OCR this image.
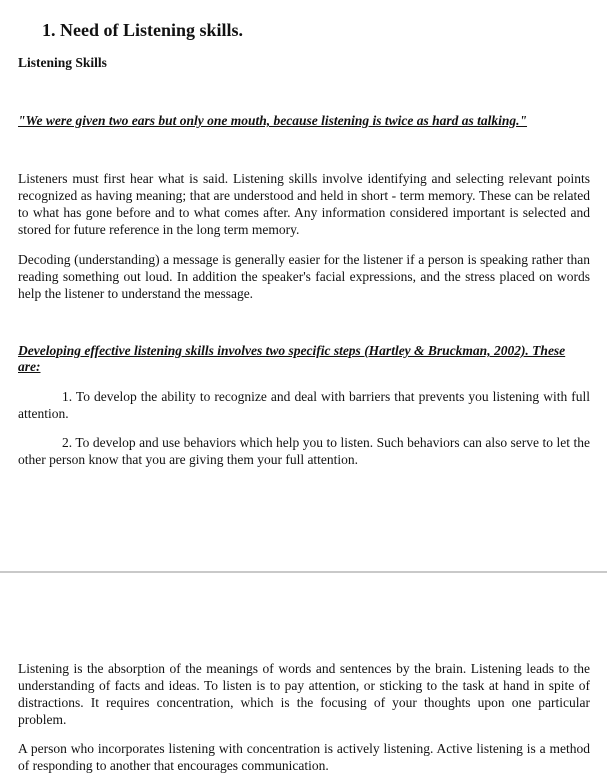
1. Need of Listening skills.
Listening Skills

"We were given two ears but only one mouth, because listening is twice as hard as talking."

Listeners must first hear what is said. Listening skills involve identifying and selecting relevant points recognized as having meaning; that are understood and held in short - term memory. These can be related to what has gone before and to what comes after. Any information considered important is selected and stored for future reference in the long term memory.

Decoding (understanding) a message is generally easier for the listener if a person is speaking rather than reading something out loud. In addition the speaker's facial expressions, and the stress placed on words help the listener to understand the message.

Developing effective listening skills involves two specific steps (Hartley & Bruckman, 2002). These are:

1. To develop the ability to recognize and deal with barriers that prevents you listening with full attention.

2. To develop and use behaviors which help you to listen. Such behaviors can also serve to let the other person know that you are giving them your full attention.

Listening is the absorption of the meanings of words and sentences by the brain. Listening leads to the understanding of facts and ideas. To listen is to pay attention, or sticking to the task at hand in spite of distractions. It requires concentration, which is the focusing of your thoughts upon one particular problem.

A person who incorporates listening with concentration is actively listening. Active listening is a method of responding to another that encourages communication.
